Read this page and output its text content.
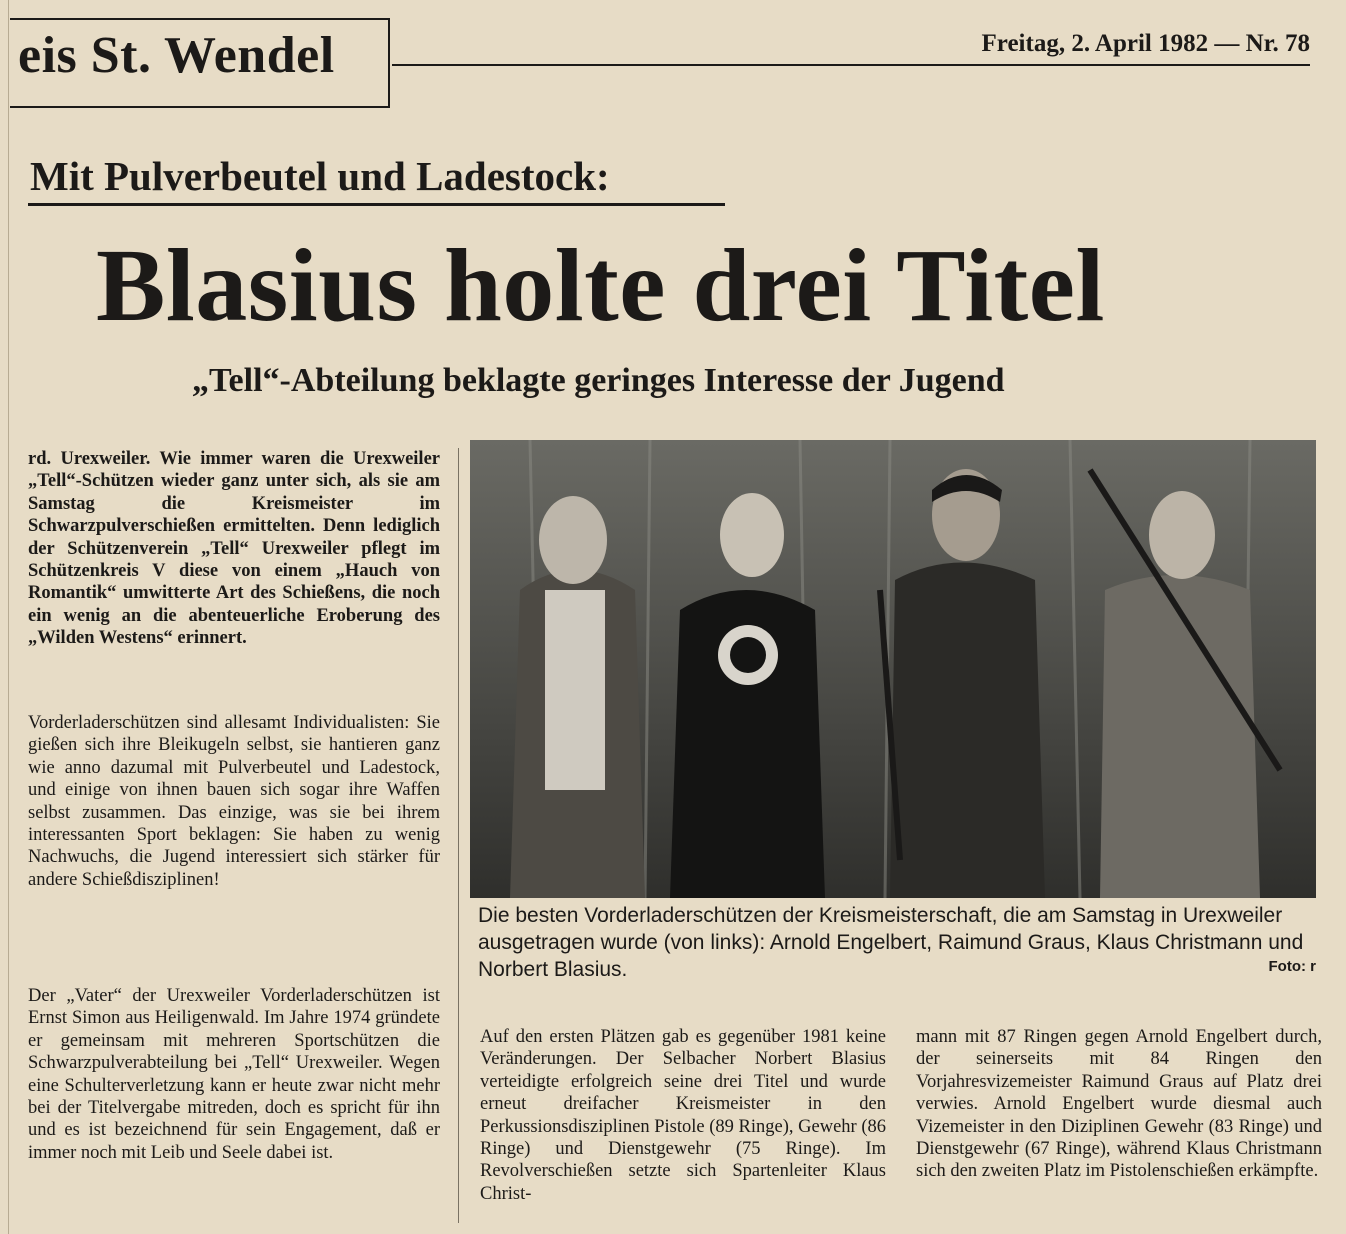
eis St. Wendel	Freitag, 2. April 1982 — Nr. 78
Mit Pulverbeutel und Ladestock:
Blasius holte drei Titel
„Tell“-Abteilung beklagte geringes Interesse der Jugend

rd. Urexweiler. Wie immer waren die Urexweiler „Tell“-Schützen wieder ganz unter sich, als sie am Samstag die Kreismeister im Schwarzpulverschießen ermittelten. Denn lediglich der Schützenverein „Tell“ Urexweiler pflegt im Schützenkreis V diese von einem „Hauch von Romantik“ umwitterte Art des Schießens, die noch ein wenig an die abenteuerliche Eroberung des „Wilden Westens“ erinnert.

Vorderladerschützen sind allesamt Individualisten: Sie gießen sich ihre Bleikugeln selbst, sie hantieren ganz wie anno dazumal mit Pulverbeutel und Ladestock, und einige von ihnen bauen sich sogar ihre Waffen selbst zusammen. Das einzige, was sie bei ihrem interessanten Sport beklagen: Sie haben zu wenig Nachwuchs, die Jugend interessiert sich stärker für andere Schießdisziplinen!

Der „Vater“ der Urexweiler Vorderladerschützen ist Ernst Simon aus Heiligenwald. Im Jahre 1974 gründete er gemeinsam mit mehreren Sportschützen die Schwarzpulverabteilung bei „Tell“ Urexweiler. Wegen eine Schulterverletzung kann er heute zwar nicht mehr bei der Titelvergabe mitreden, doch es spricht für ihn und es ist bezeichnend für sein Engagement, daß er immer noch mit Leib und Seele dabei ist.

Die besten Vorderladerschützen der Kreismeisterschaft, die am Samstag in Urexweiler ausgetragen wurde (von links): Arnold Engelbert, Raimund Graus, Klaus Christmann und Norbert Blasius.	Foto: r

Auf den ersten Plätzen gab es gegenüber 1981 keine Veränderungen. Der Selbacher Norbert Blasius verteidigte erfolgreich seine drei Titel und wurde erneut dreifacher Kreismeister in den Perkussionsdisziplinen Pistole (89 Ringe), Gewehr (86 Ringe) und Dienstgewehr (75 Ringe). Im Revolverschießen setzte sich Spartenleiter Klaus Christ-

mann mit 87 Ringen gegen Arnold Engelbert durch, der seinerseits mit 84 Ringen den Vorjahresvizemeister Raimund Graus auf Platz drei verwies. Arnold Engelbert wurde diesmal auch Vizemeister in den Diziplinen Gewehr (83 Ringe) und Dienstgewehr (67 Ringe), während Klaus Christmann sich den zweiten Platz im Pistolenschießen erkämpfte.
